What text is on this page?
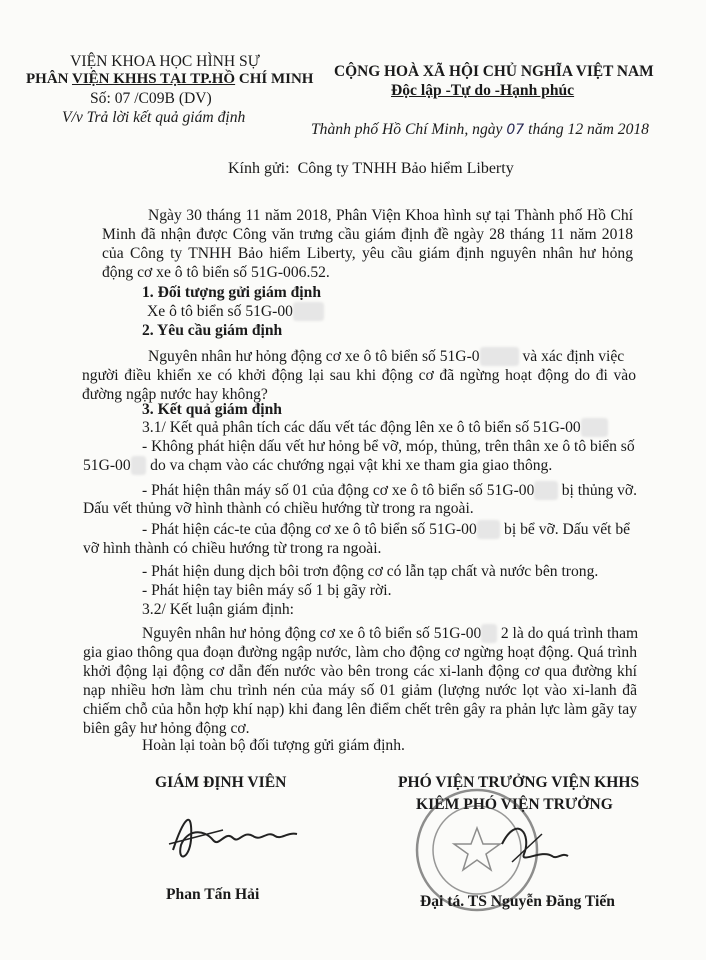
VIỆN KHOA HỌC HÌNH SỰ
PHÂN VIỆN KHHS TẠI TP.HỒ CHÍ MINH
Số: 07 /C09B (DV)
V/v Trả lời kết quả giám định
CỘNG HOÀ XÃ HỘI CHỦ NGHĨA VIỆT NAM
Độc lập -Tự do -Hạnh phúc
Thành phố Hồ Chí Minh, ngày 07 tháng 12 năm 2018
Kính gửi: Công ty TNHH Bảo hiểm Liberty
Ngày 30 tháng 11 năm 2018, Phân Viện Khoa hình sự tại Thành phố Hồ Chí Minh đã nhận được Công văn trưng cầu giám định đề ngày 28 tháng 11 năm 2018 của Công ty TNHH Bảo hiểm Liberty, yêu cầu giám định nguyên nhân hư hỏng động cơ xe ô tô biển số 51G-006.52.
1. Đối tượng gửi giám định
Xe ô tô biển số 51G-00
2. Yêu cầu giám định
Nguyên nhân hư hỏng động cơ xe ô tô biển số 51G-0	và xác định việc
người điều khiển xe có khởi động lại sau khi động cơ đã ngừng hoạt động do đi vào đường ngập nước hay không?
3. Kết quả giám định
3.1/ Kết quả phân tích các dấu vết tác động lên xe ô tô biển số 51G-00
- Không phát hiện dấu vết hư hỏng bể vỡ, móp, thủng, trên thân xe ô tô biển số
51G-00 do va chạm vào các chướng ngại vật khi xe tham gia giao thông.
- Phát hiện thân máy số 01 của động cơ xe ô tô biển số 51G-00 bị thủng vỡ.
Dấu vết thủng vỡ hình thành có chiều hướng từ trong ra ngoài.
- Phát hiện các-te của động cơ xe ô tô biển số 51G-00 bị bể vỡ. Dấu vết bể
vỡ hình thành có chiều hướng từ trong ra ngoài.
- Phát hiện dung dịch bôi trơn động cơ có lẫn tạp chất và nước bên trong.
- Phát hiện tay biên máy số 1 bị gãy rời.
3.2/ Kết luận giám định:
Nguyên nhân hư hỏng động cơ xe ô tô biển số 51G-00 2 là do quá trình tham
gia giao thông qua đoạn đường ngập nước, làm cho động cơ ngừng hoạt động. Quá trình khởi động lại động cơ dẫn đến nước vào bên trong các xi-lanh động cơ qua đường khí nạp nhiều hơn làm chu trình nén của máy số 01 giảm (lượng nước lọt vào xi-lanh đã chiếm chỗ của hỗn hợp khí nạp) khi đang lên điểm chết trên gây ra phản lực làm gãy tay biên gây hư hỏng động cơ.
Hoàn lại toàn bộ đối tượng gửi giám định.
GIÁM ĐỊNH VIÊN
Phan Tấn Hải
PHÓ VIỆN TRƯỞNG VIỆN KHHS
KIÊM PHÓ VIỆN TRƯỞNG
Đại tá. TS Nguyễn Đăng Tiến
